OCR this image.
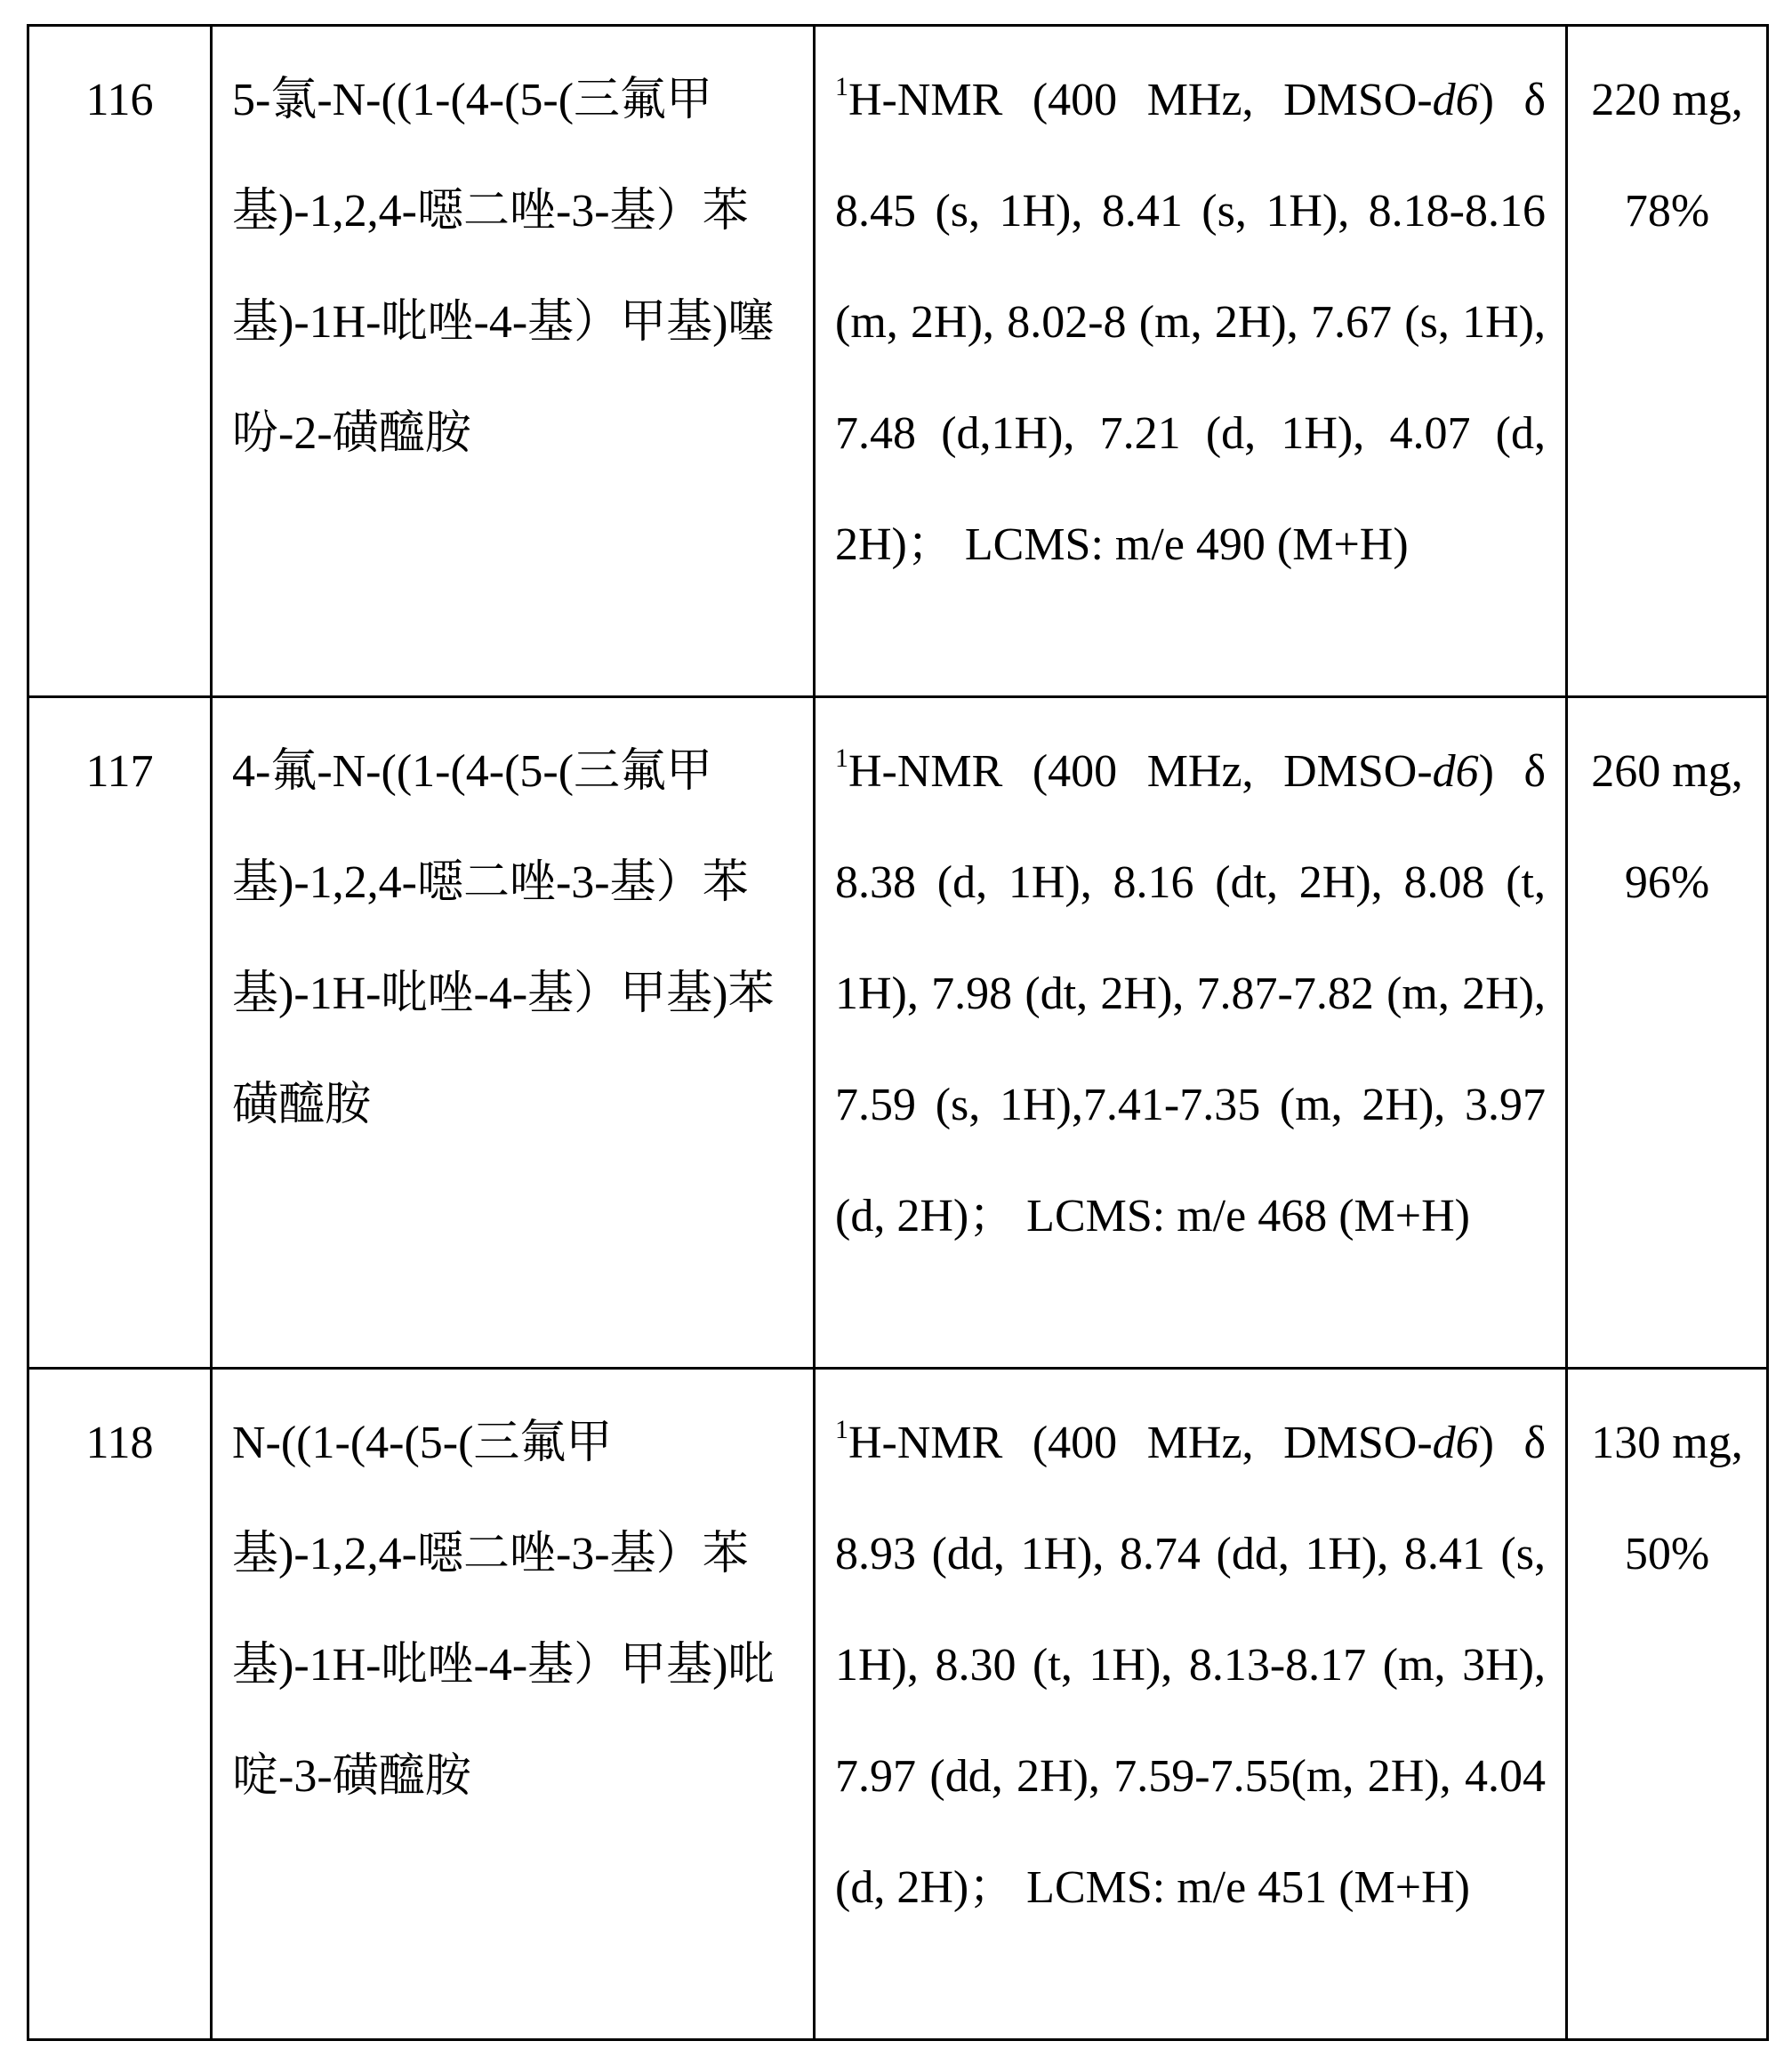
116	5-氯-N-((1-(4-(5-(三氟甲基)-1,2,4-噁二唑-3-基）苯基)-1H-吡唑-4-基）甲基)噻吩-2-磺醯胺	1H-NMR (400 MHz, DMSO-d6) δ 8.45 (s, 1H), 8.41 (s, 1H), 8.18-8.16 (m, 2H), 8.02-8 (m, 2H), 7.67 (s, 1H), 7.48 (d,1H), 7.21 (d, 1H), 4.07 (d, 2H)； LCMS: m/e 490 (M+H)	
220 mg,
78%

117	4-氟-N-((1-(4-(5-(三氟甲基)-1,2,4-噁二唑-3-基）苯基)-1H-吡唑-4-基）甲基)苯磺醯胺	1H-NMR (400 MHz, DMSO-d6) δ 8.38 (d, 1H), 8.16 (dt, 2H), 8.08 (t, 1H), 7.98 (dt, 2H), 7.87-7.82 (m, 2H), 7.59 (s, 1H),7.41-7.35 (m, 2H), 3.97 (d, 2H)； LCMS: m/e 468 (M+H)	
260 mg,
96%

118	N-((1-(4-(5-(三氟甲基)-1,2,4-噁二唑-3-基）苯基)-1H-吡唑-4-基）甲基)吡啶-3-磺醯胺	1H-NMR (400 MHz, DMSO-d6) δ 8.93 (dd, 1H), 8.74 (dd, 1H), 8.41 (s, 1H), 8.30 (t, 1H), 8.13-8.17 (m, 3H), 7.97 (dd, 2H), 7.59-7.55(m, 2H), 4.04 (d, 2H)； LCMS: m/e 451 (M+H)	
130 mg,
50%
